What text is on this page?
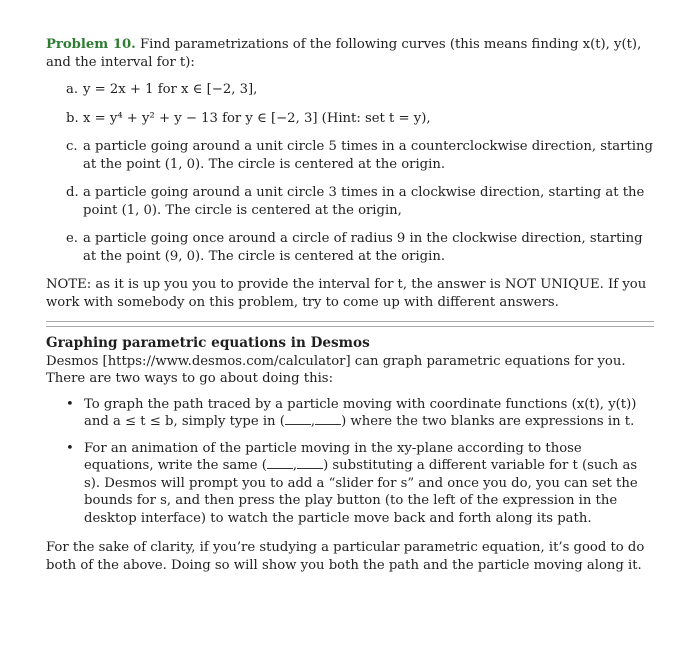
Problem 10. Find parametrizations of the following curves (this means finding x(t), y(t), and the interval for t):

a. y = 2x + 1 for x ∈ [−2, 3],
b. x = y⁴ + y² + y − 13 for y ∈ [−2, 3] (Hint: set t = y),
c. a particle going around a unit circle 5 times in a counterclockwise direction, starting at the point (1, 0). The circle is centered at the origin.
d. a particle going around a unit circle 3 times in a clockwise direction, starting at the point (1, 0). The circle is centered at the origin,
e. a particle going once around a circle of radius 9 in the clockwise direction, starting at the point (9, 0). The circle is centered at the origin.

NOTE: as it is up you you to provide the interval for t, the answer is NOT UNIQUE. If you work with somebody on this problem, try to come up with different answers.

Graphing parametric equations in Desmos

Desmos [https://www.desmos.com/calculator] can graph parametric equations for you. There are two ways to go about doing this:

• To graph the path traced by a particle moving with coordinate functions (x(t), y(t)) and a ≤ t ≤ b, simply type in ( , ) where the two blanks are expressions in t.
• For an animation of the particle moving in the xy-plane according to those equations, write the same ( , ) substituting a different variable for t (such as s). Desmos will prompt you to add a “slider for s” and once you do, you can set the bounds for s, and then press the play button (to the left of the expression in the desktop interface) to watch the particle move back and forth along its path.

For the sake of clarity, if you’re studying a particular parametric equation, it’s good to do both of the above. Doing so will show you both the path and the particle moving along it.
